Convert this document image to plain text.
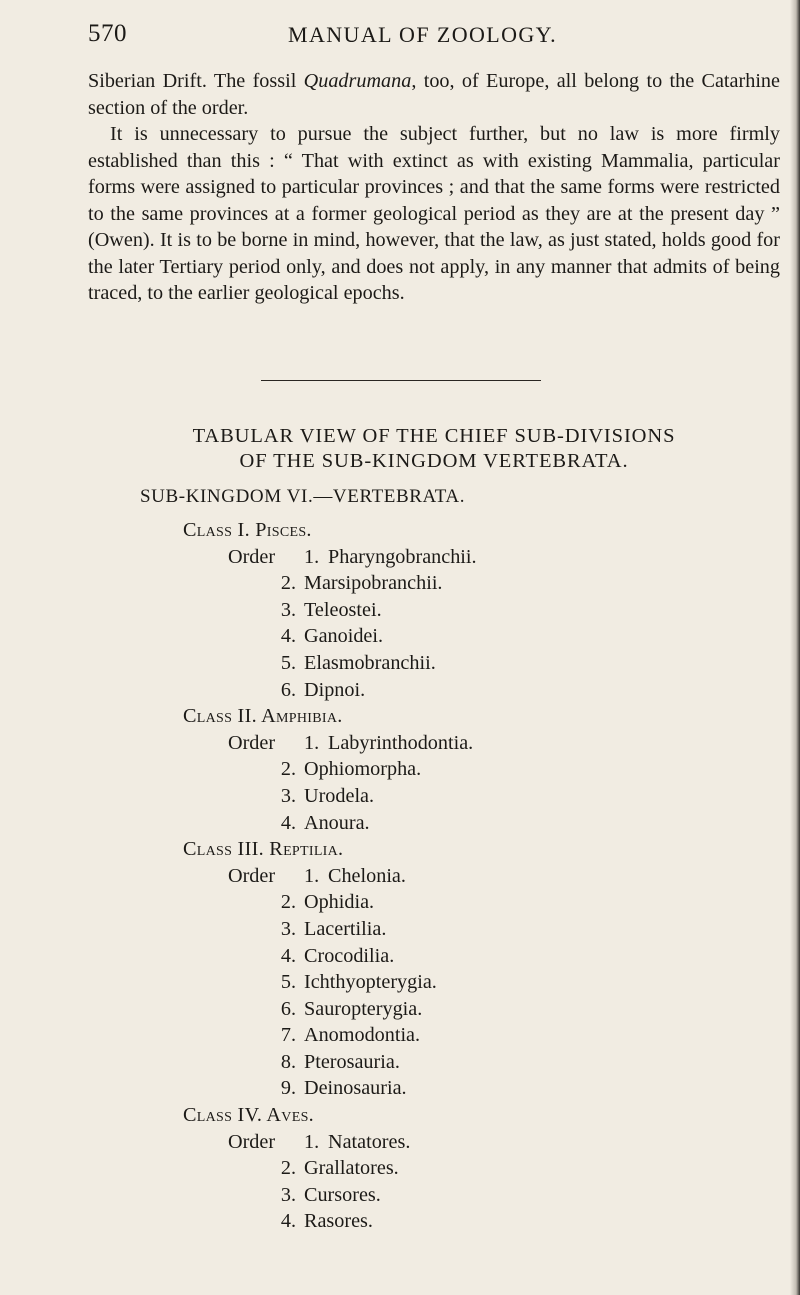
570	MANUAL OF ZOOLOGY.

Siberian Drift. The fossil Quadrumana, too, of Europe, all belong to the Catarhine section of the order.

It is unnecessary to pursue the subject further, but no law is more firmly established than this : “ That with extinct as with existing Mammalia, particular forms were assigned to particular provinces ; and that the same forms were restricted to the same provinces at a former geological period as they are at the present day ” (Owen). It is to be borne in mind, however, that the law, as just stated, holds good for the later Tertiary period only, and does not apply, in any manner that admits of being traced, to the earlier geological epochs.

TABULAR VIEW OF THE CHIEF SUB-DIVISIONS
OF THE SUB-KINGDOM VERTEBRATA.
SUB-KINGDOM VI.—VERTEBRATA.
Class I. Pisces.
Order 1. Pharyngobranchii.
2. Marsipobranchii.
3. Teleostei.
4. Ganoidei.
5. Elasmobranchii.
6. Dipnoi.
Class II. Amphibia.
Order 1. Labyrinthodontia.
2. Ophiomorpha.
3. Urodela.
4. Anoura.
Class III. Reptilia.
Order 1. Chelonia.
2. Ophidia.
3. Lacertilia.
4. Crocodilia.
5. Ichthyopterygia.
6. Sauropterygia.
7. Anomodontia.
8. Pterosauria.
9. Deinosauria.
Class IV. Aves.
Order 1. Natatores.
2. Grallatores.
3. Cursores.
4. Rasores.
